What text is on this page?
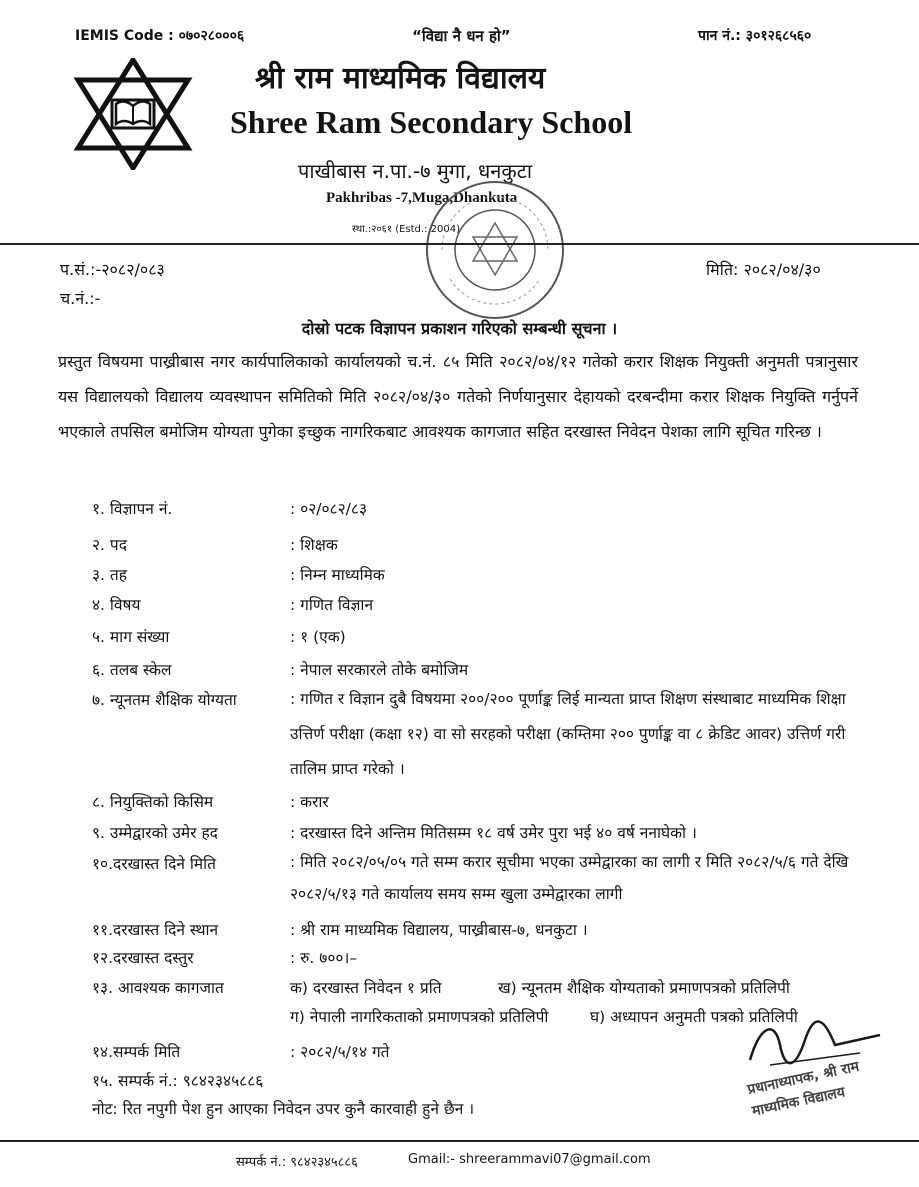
IEMIS Code : ०७०२८०००६	“विद्या नै धन हो”	पान नं.: ३०१२६८५६०
श्री राम माध्यमिक विद्यालय
Shree Ram Secondary School
पाखीबास न.पा.-७ मुगा, धनकुटा
Pakhribas -7,Muga,Dhankuta
स्था.:२०६१ (Estd.: 2004)
प.सं.:-२०८२/०८३
च.नं.:-
मिति: २०८२/०४/३०
दोस्रो पटक विज्ञापन प्रकाशन गरिएको सम्बन्धी सूचना ।
प्रस्तुत विषयमा पाख्रीबास नगर कार्यपालिकाको कार्यालयको च.नं. ८५ मिति २०८२/०४/१२ गतेको करार शिक्षक नियुक्ती अनुमती पत्रानुसार यस विद्यालयको विद्यालय व्यवस्थापन समितिको मिति २०८२/०४/३० गतेको निर्णयानुसार देहायको दरबन्दीमा करार शिक्षक नियुक्ति गर्नुपर्ने भएकाले तपसिल बमोजिम योग्यता पुगेका इच्छुक नागरिकबाट आवश्यक कागजात सहित दरखास्त निवेदन पेशका लागि सूचित गरिन्छ ।
१. विज्ञापन नं.	: ०२/०८२/८३
२. पद	: शिक्षक
३. तह	: निम्न माध्यमिक
४. विषय	: गणित विज्ञान
५. माग संख्या	: १ (एक)
६. तलब स्केल	: नेपाल सरकारले तोके बमोजिम
७. न्यूनतम शैक्षिक योग्यता	: गणित र विज्ञान दुबै विषयमा २००/२०० पूर्णाङ्क लिई मान्यता प्राप्त शिक्षण संस्थाबाट माध्यमिक शिक्षा उत्तिर्ण परीक्षा (कक्षा १२) वा सो सरहको परीक्षा (कम्तिमा २०० पुर्णाङ्क वा ८ क्रेडिट आवर) उत्तिर्ण गरी तालिम प्राप्त गरेको ।
८. नियुक्तिको किसिम	: करार
९. उम्मेद्वारको उमेर हद	: दरखास्त दिने अन्तिम मितिसम्म १८ वर्ष उमेर पुरा भई ४० वर्ष ननाघेको ।
१०.दरखास्त दिने मिति	: मिति २०८२/०५/०५ गते सम्म करार सूचीमा भएका उम्मेद्वारका का लागी र मिति २०८२/५/६ गते देखि २०८२/५/१३ गते कार्यालय समय सम्म खुला उम्मेद्वारका लागी
११.दरखास्त दिने स्थान	: श्री राम माध्यमिक विद्यालय, पाख्रीबास-७, धनकुटा ।
१२.दरखास्त दस्तुर	: रु. ७००।–
१३. आवश्यक कागजात	क) दरखास्त निवेदन १ प्रति	ख) न्यूनतम शैक्षिक योग्यताको प्रमाणपत्रको प्रतिलिपी
ग) नेपाली नागरिकताको प्रमाणपत्रको प्रतिलिपी	घ) अध्यापन अनुमती पत्रको प्रतिलिपी
१४.सम्पर्क मिति	: २०८२/५/१४ गते
१५. सम्पर्क नं.: ९८४२३४५८८६
नोट: रित नपुगी पेश हुन आएका निवेदन उपर कुनै कारवाही हुने छैन ।
प्रधानाध्यापक, श्री राम माध्यमिक विद्यालय
सम्पर्क नं.: ९८४२३४५८८६	Gmail:- shreerammavi07@gmail.com
